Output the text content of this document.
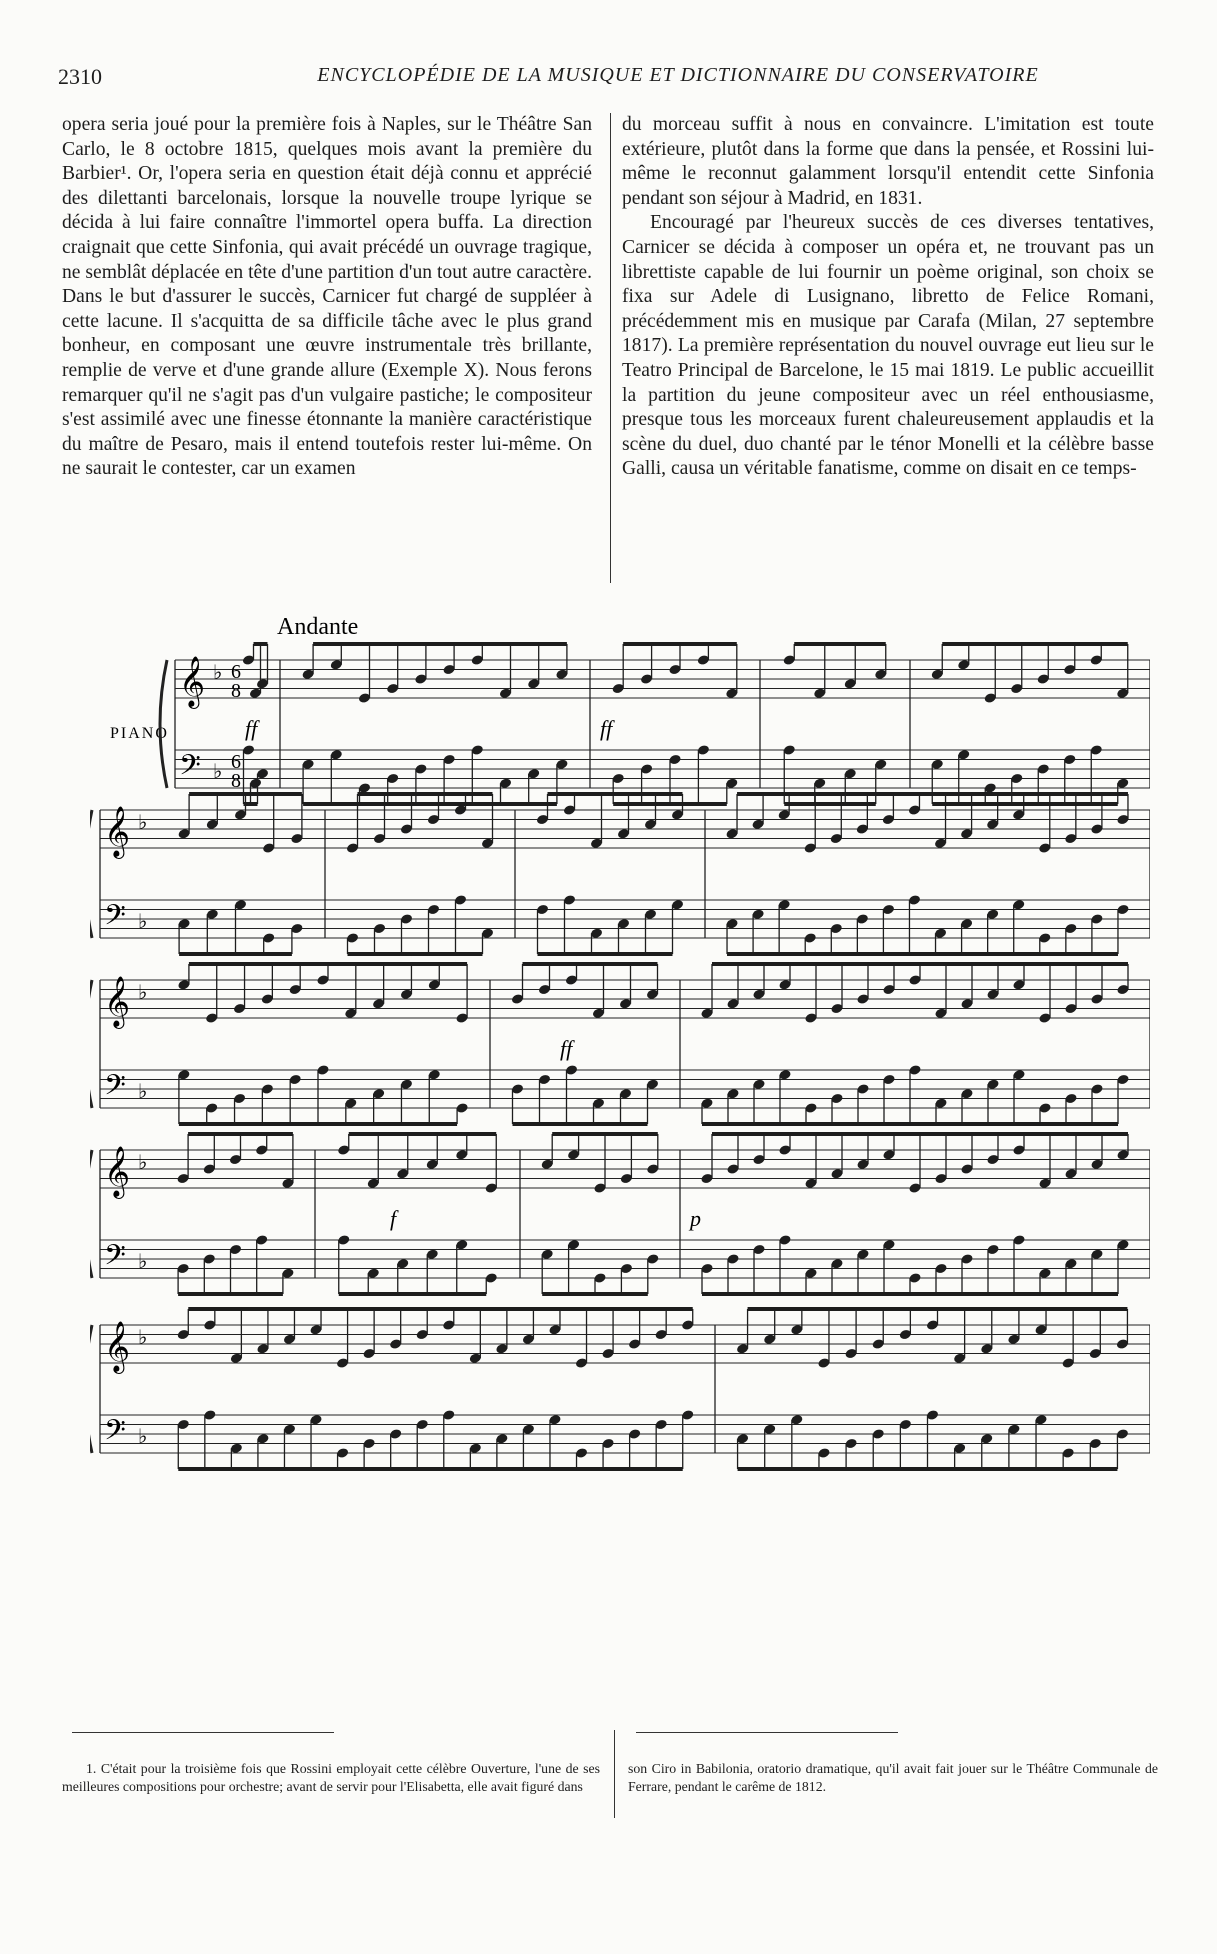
2310	ENCYCLOPÉDIE DE LA MUSIQUE ET DICTIONNAIRE DU CONSERVATOIRE

opera seria joué pour la première fois à Naples, sur le Théâtre San Carlo, le 8 octobre 1815, quelques mois avant la première du Barbier¹. Or, l'opera seria en question était déjà connu et apprécié des dilettanti barcelonais, lorsque la nouvelle troupe lyrique se décida à lui faire connaître l'immortel opera buffa. La direction craignait que cette Sinfonia, qui avait précédé un ouvrage tragique, ne semblât déplacée en tête d'une partition d'un tout autre caractère. Dans le but d'assurer le succès, Carnicer fut chargé de suppléer à cette lacune. Il s'acquitta de sa difficile tâche avec le plus grand bonheur, en composant une œuvre instrumentale très brillante, remplie de verve et d'une grande allure (Exemple X). Nous ferons remarquer qu'il ne s'agit pas d'un vulgaire pastiche; le compositeur s'est assimilé avec une finesse étonnante la manière caractéristique du maître de Pesaro, mais il entend toutefois rester lui-même. On ne saurait le contester, car un examen

du morceau suffit à nous en convaincre. L'imitation est toute extérieure, plutôt dans la forme que dans la pensée, et Rossini lui-même le reconnut galamment lorsqu'il entendit cette Sinfonia pendant son séjour à Madrid, en 1831.

Encouragé par l'heureux succès de ces diverses tentatives, Carnicer se décida à composer un opéra et, ne trouvant pas un librettiste capable de lui fournir un poème original, son choix se fixa sur Adele di Lusignano, libretto de Felice Romani, précédemment mis en musique par Carafa (Milan, 27 septembre 1817). La première représentation du nouvel ouvrage eut lieu sur le Teatro Principal de Barcelone, le 15 mai 1819. Le public accueillit la partition du jeune compositeur avec un réel enthousiasme, presque tous les morceaux furent chaleureusement applaudis et la scène du duel, duo chanté par le ténor Monelli et la célèbre basse Galli, causa un véritable fanatisme, comme on disait en ce temps-

Andante
PIANO
𝄞
𝄢
♭
♭
6
8
6
8
ff	ff
𝄞
𝄢
♭
♭
𝄞
𝄢
♭
♭
ff
𝄞
𝄢
♭
♭
f	p
𝄞
𝄢
♭
♭

1. C'était pour la troisième fois que Rossini employait cette célèbre Ouverture, l'une de ses meilleures compositions pour orchestre; avant de servir pour l'Elisabetta, elle avait figuré dans

son Ciro in Babilonia, oratorio dramatique, qu'il avait fait jouer sur le Théâtre Communale de Ferrare, pendant le carême de 1812.
